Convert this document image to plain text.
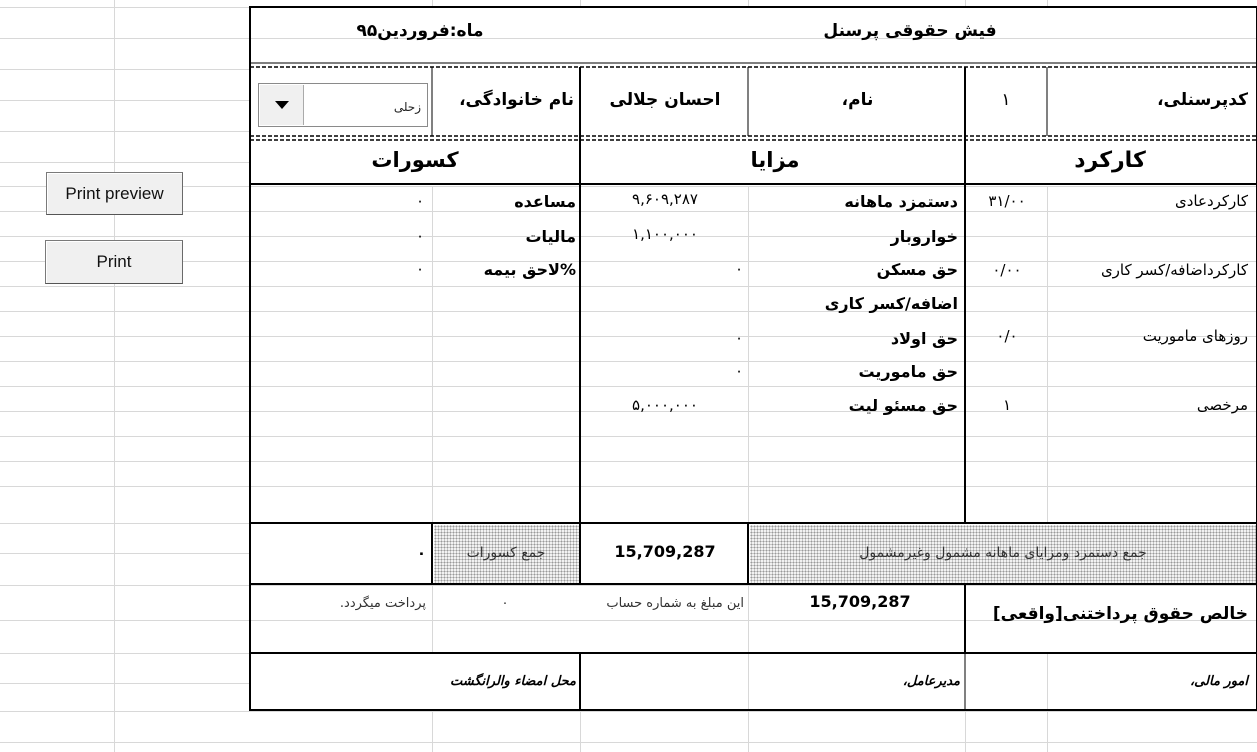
فیش حقوقی پرسنل
ماه:فروردین۹۵
کدپرسنلی،
۱
نام،
احسان جلالی
نام خانوادگی،
زحلی
کارکرد
مزایا
کسورات
کارکردعادی
۳۱/۰۰
کارکرداضافه/کسر کاری
۰/۰۰
روزهای ماموریت
۰/۰
مرخصی
۱
دستمزد ماهانه
۹,۶۰۹,۲۸۷
خواروبار
۱,۱۰۰,۰۰۰
حق مسکن
۰
اضافه/کسر کاری
حق اولاد
۰
حق ماموریت
۰
حق مسئو لیت
۵,۰۰۰,۰۰۰
مساعده
۰
مالیات
۰
%لاحق بیمه
۰
جمع دستمزد ومزایای ماهانه مشمول وغیرمشمول
15,709,287
جمع کسورات
۰
خالص حقوق پرداختنی[واقعی]
15,709,287
این مبلغ به شماره حساب
۰
پرداخت میگردد.
امور مالی،
مدیرعامل،
محل امضاء والرانگشت
Print preview
Print
